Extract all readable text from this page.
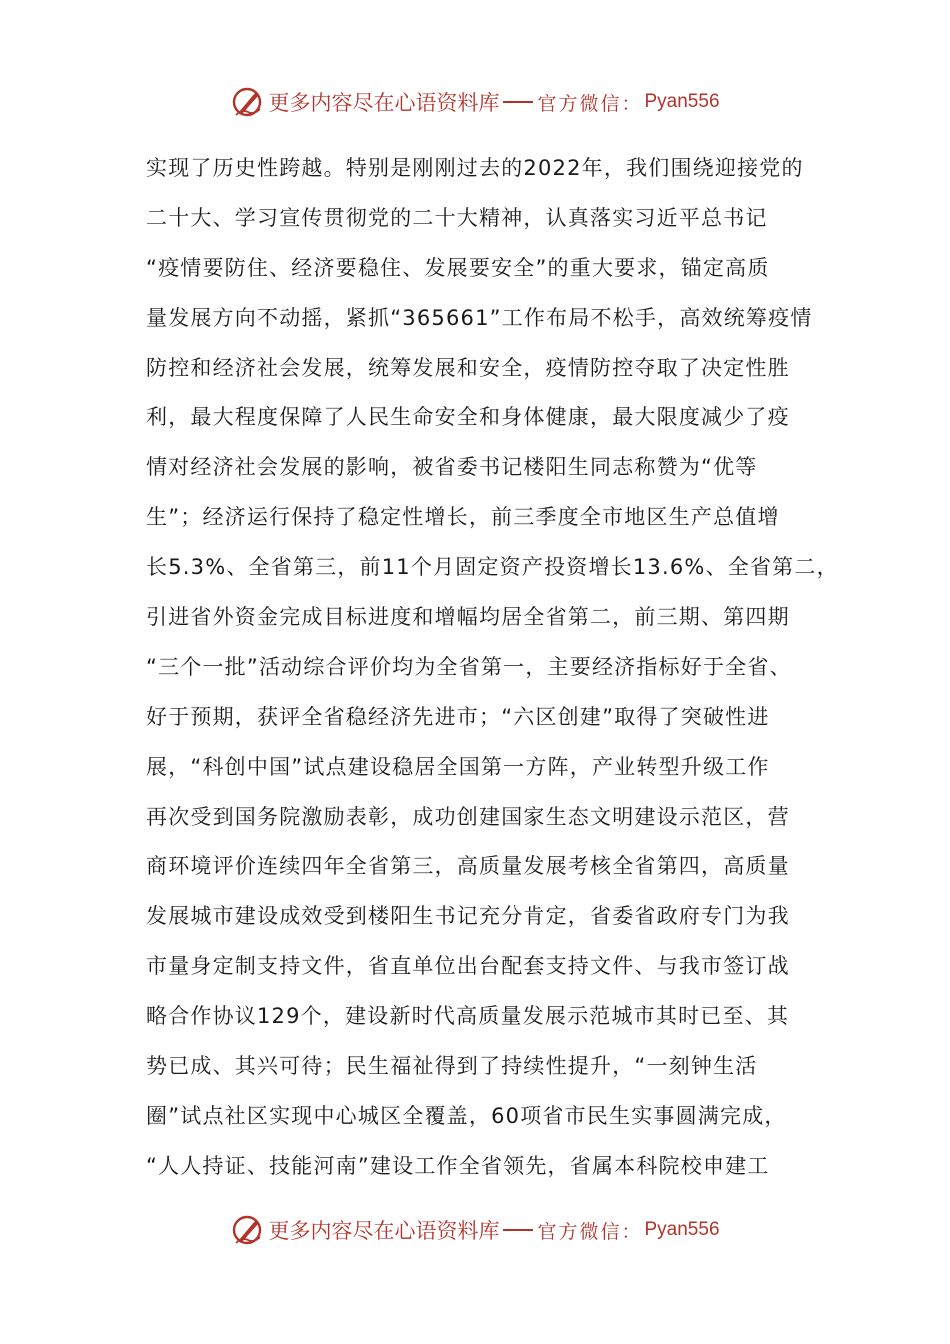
更多内容尽在心语资料库 官方微信： Pyan556
实现了历史性跨越。特别是刚刚过去的2022年，我们围绕迎接党的
二十大、学习宣传贯彻党的二十大精神，认真落实习近平总书记
“疫情要防住、经济要稳住、发展要安全”的重大要求，锚定高质
量发展方向不动摇，紧抓“365661”工作布局不松手，高效统筹疫情
防控和经济社会发展，统筹发展和安全，疫情防控夺取了决定性胜
利，最大程度保障了人民生命安全和身体健康，最大限度减少了疫
情对经济社会发展的影响，被省委书记楼阳生同志称赞为“优等
生”；经济运行保持了稳定性增长，前三季度全市地区生产总值增
长5.3%、全省第三，前11个月固定资产投资增长13.6%、全省第二，
引进省外资金完成目标进度和增幅均居全省第二，前三期、第四期
“三个一批”活动综合评价均为全省第一，主要经济指标好于全省、
好于预期，获评全省稳经济先进市；“六区创建”取得了突破性进
展，“科创中国”试点建设稳居全国第一方阵，产业转型升级工作
再次受到国务院激励表彰，成功创建国家生态文明建设示范区，营
商环境评价连续四年全省第三，高质量发展考核全省第四，高质量
发展城市建设成效受到楼阳生书记充分肯定，省委省政府专门为我
市量身定制支持文件，省直单位出台配套支持文件、与我市签订战
略合作协议129个，建设新时代高质量发展示范城市其时已至、其
势已成、其兴可待；民生福祉得到了持续性提升，“一刻钟生活
圈”试点社区实现中心城区全覆盖，60项省市民生实事圆满完成，
“人人持证、技能河南”建设工作全省领先，省属本科院校申建工
更多内容尽在心语资料库 官方微信： Pyan556
